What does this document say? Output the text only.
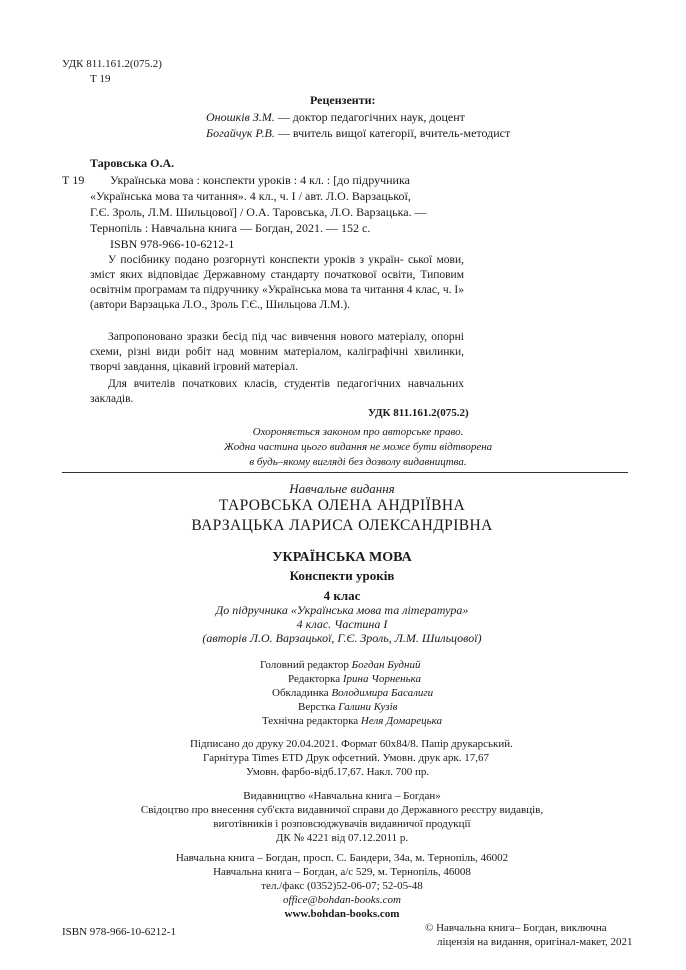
УДК 811.161.2(075.2)
Т 19
Рецензенти:
Оношків З.М. — доктор педагогічних наук, доцент
Богайчук Р.В. — вчитель вищої категорії, вчитель-методист
Таровська О.А.
Т 19 Українська мова : конспекти уроків : 4 кл. : [до підручника
«Українська мова та читання». 4 кл., ч. І / авт. Л.О. Варзацької,
Г.Є. Зроль, Л.М. Шильцової] / О.А. Таровська, Л.О. Варзацька. —
Тернопіль : Навчальна книга — Богдан, 2021. — 152 с.
ISBN 978-966-10-6212-1

У посібнику подано розгорнуті конспекти уроків з україн- ської мови, зміст яких відповідає Державному стандарту початкової освіти, Типовим освітнім програмам та підручнику «Українська мова та читання 4 клас, ч. І» (автори Варзацька Л.О., Зроль Г.Є., Шильцова Л.М.).

Запропоновано зразки бесід під час вивчення нового матеріалу, опорні схеми, різні види робіт над мовним матеріалом, каліграфічні хвилинки, творчі завдання, цікавий ігровий матеріал.

Для вчителів початкових класів, студентів педагогічних навчальних закладів.

УДК 811.161.2(075.2)
Охороняється законом про авторське право.
Жодна частина цього видання не може бути відтворена
в будь–якому вигляді без дозволу видавництва.
Навчальне видання
ТАРОВСЬКА ОЛЕНА АНДРІЇВНА
ВАРЗАЦЬКА ЛАРИСА ОЛЕКСАНДРІВНА
УКРАЇНСЬКА МОВА
Конспекти уроків
4 клас
До підручника «Українська мова та література»
4 клас. Частина І
(авторів Л.О. Варзацької, Г.Є. Зроль, Л.М. Шильцової)
Головний редактор Богдан Будний
Редакторка Ірина Чорненька
Обкладинка Володимира Басалиги
Верстка Галини Кузів
Технічна редакторка Неля Домарецька
Підписано до друку 20.04.2021. Формат 60х84/8. Папір друкарський.
Гарнітура Times ETD Друк офсетний. Умовн. друк арк. 17,67
Умовн. фарбо-відб.17,67. Накл. 700 пр.
Видавництво «Навчальна книга – Богдан»
Свідоцтво про внесення суб'єкта видавничої справи до Державного реєстру видавців,
виготівників і розповсюджувачів видавничої продукції
ДК № 4221 від 07.12.2011 р.
Навчальна книга – Богдан, просп. С. Бандери, 34а, м. Тернопіль, 46002
Навчальна книга – Богдан, а/с 529, м. Тернопіль, 46008
тел./факс (0352)52-06-07; 52-05-48
office@bohdan-books.com
www.bohdan-books.com
ISBN 978-966-10-6212-1	© Навчальна книга– Богдан, виключна
ліцензія на видання, оригінал-макет, 2021
